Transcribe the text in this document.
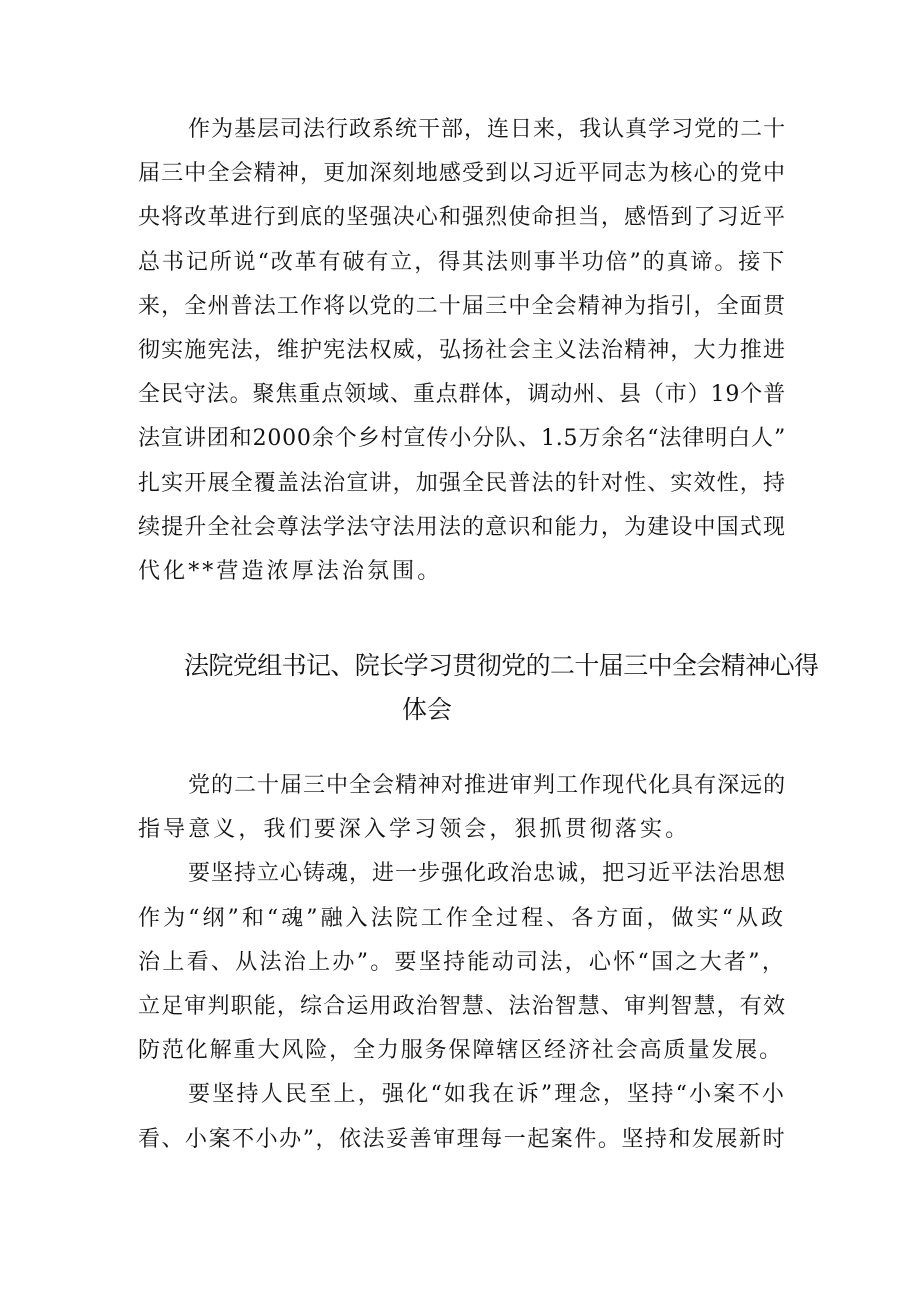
作为基层司法行政系统干部，连日来，我认真学习党的二十
届三中全会精神，更加深刻地感受到以习近平同志为核心的党中
央将改革进行到底的坚强决心和强烈使命担当，感悟到了习近平
总书记所说“改革有破有立，得其法则事半功倍”的真谛。接下
来，全州普法工作将以党的二十届三中全会精神为指引，全面贯
彻实施宪法，维护宪法权威，弘扬社会主义法治精神，大力推进
全民守法。聚焦重点领域、重点群体，调动州、县（市）19个普
法宣讲团和2000余个乡村宣传小分队、1.5万余名“法律明白人”
扎实开展全覆盖法治宣讲，加强全民普法的针对性、实效性，持
续提升全社会尊法学法守法用法的意识和能力，为建设中国式现
代化**营造浓厚法治氛围。
法院党组书记、院长学习贯彻党的二十届三中全会精神心得
体会
党的二十届三中全会精神对推进审判工作现代化具有深远的
指导意义，我们要深入学习领会，狠抓贯彻落实。
要坚持立心铸魂，进一步强化政治忠诚，把习近平法治思想
作为“纲”和“魂”融入法院工作全过程、各方面，做实“从政
治上看、从法治上办”。要坚持能动司法，心怀“国之大者”，
立足审判职能，综合运用政治智慧、法治智慧、审判智慧，有效
防范化解重大风险，全力服务保障辖区经济社会高质量发展。
要坚持人民至上，强化“如我在诉”理念，坚持“小案不小
看、小案不小办”，依法妥善审理每一起案件。坚持和发展新时
